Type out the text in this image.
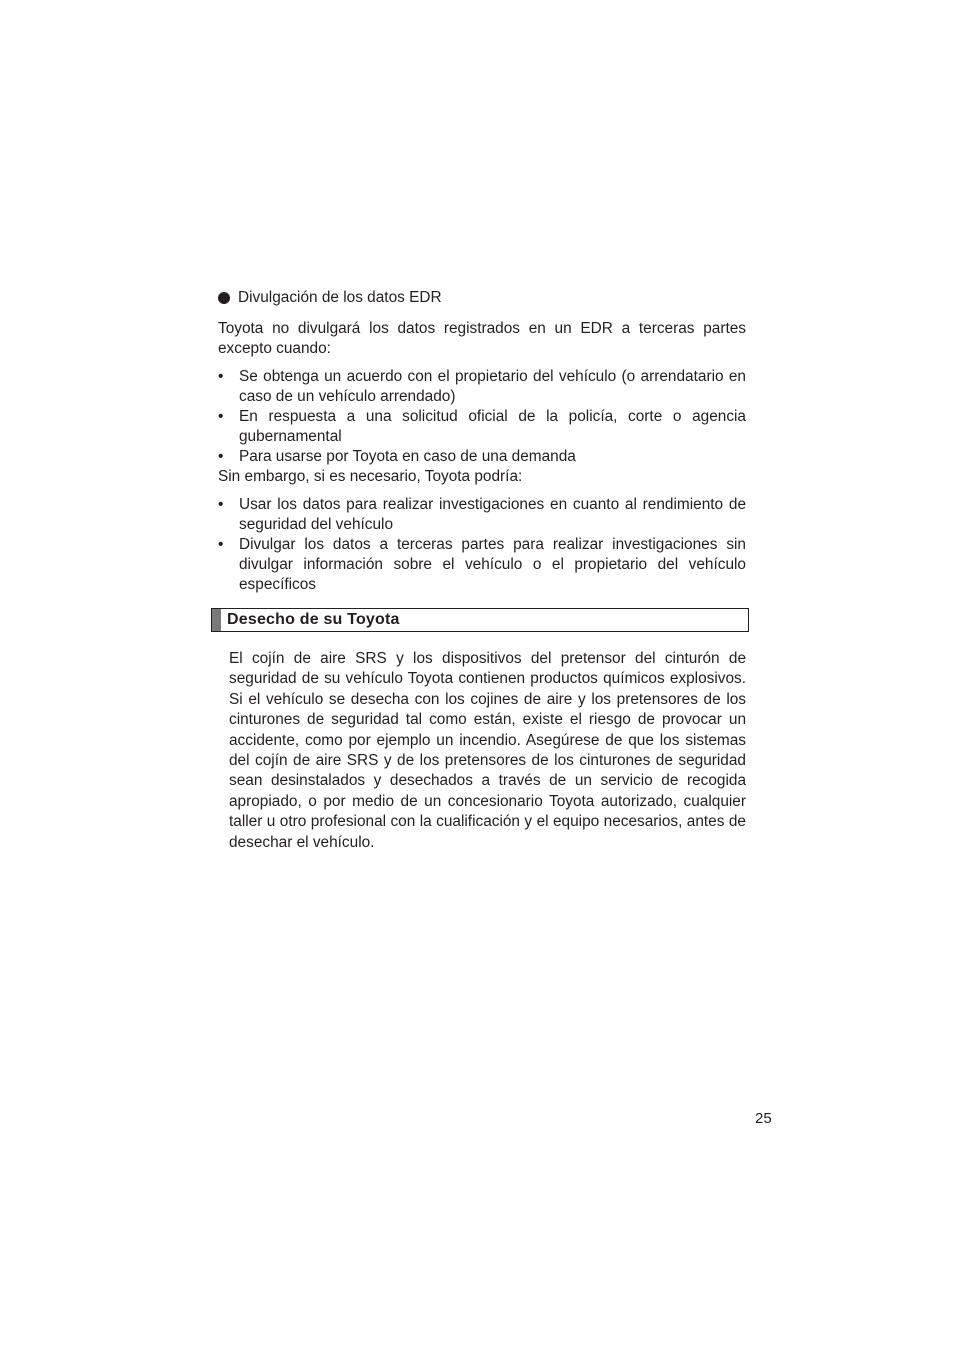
Divulgación de los datos EDR

Toyota no divulgará los datos registrados en un EDR a terceras partes excepto cuando:

• Se obtenga un acuerdo con el propietario del vehículo (o arrendatario en caso de un vehículo arrendado)
• En respuesta a una solicitud oficial de la policía, corte o agencia gubernamental
• Para usarse por Toyota en caso de una demanda

Sin embargo, si es necesario, Toyota podría:

• Usar los datos para realizar investigaciones en cuanto al rendimiento de seguridad del vehículo
• Divulgar los datos a terceras partes para realizar investigaciones sin divulgar información sobre el vehículo o el propietario del vehículo específicos
Desecho de su Toyota

El cojín de aire SRS y los dispositivos del pretensor del cinturón de seguridad de su vehículo Toyota contienen productos químicos explosivos. Si el vehículo se desecha con los cojines de aire y los pretensores de los cinturones de seguridad tal como están, existe el riesgo de provocar un accidente, como por ejemplo un incendio. Asegúrese de que los sistemas del cojín de aire SRS y de los pretensores de los cinturones de seguridad sean desinstalados y desechados a través de un servicio de recogida apropiado, o por medio de un concesionario Toyota autorizado, cualquier taller u otro profesional con la cualificación y el equipo necesarios, antes de desechar el vehículo.

25
